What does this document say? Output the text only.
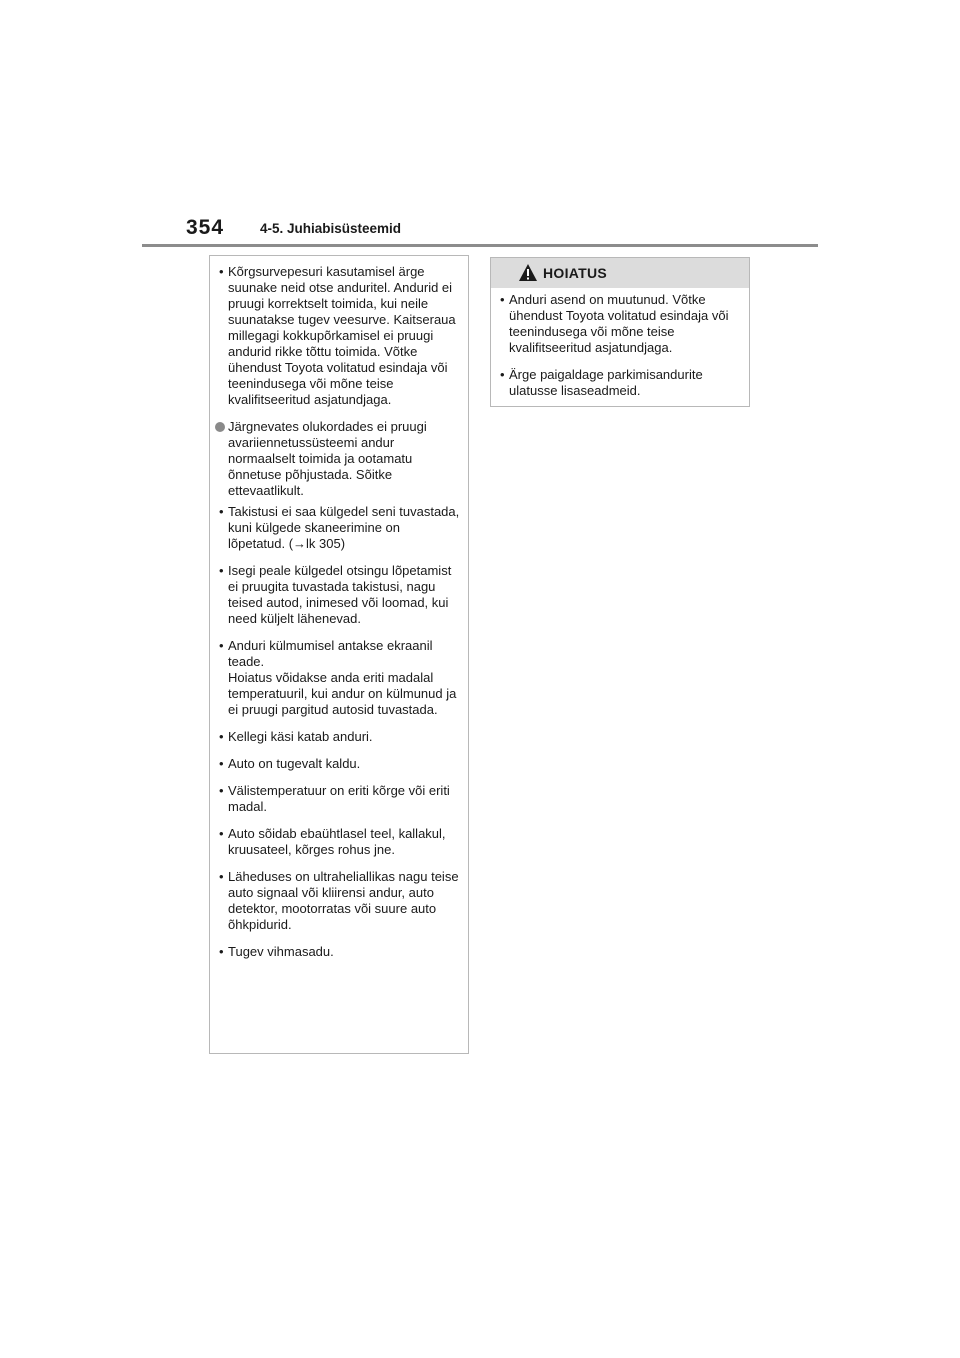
354	4-5. Juhiabisüsteemid
• Kõrgsurvepesuri kasutamisel ärge suunake neid otse anduritel. Andurid ei pruugi korrektselt toimida, kui neile suunatakse tugev veesurve. Kaitseraua millegagi kokkupõrkamisel ei pruugi andurid rikke tõttu toimida. Võtke ühendust Toyota volitatud esindaja või teenindusega või mõne teise kvalifitseeritud asjatundjaga.
Järgnevates olukordades ei pruugi avariiennetussüsteemi andur normaalselt toimida ja ootamatu õnnetuse põhjustada. Sõitke ettevaatlikult.
• Takistusi ei saa külgedel seni tuvastada, kuni külgede skaneerimine on lõpetatud. (→lk 305)
• Isegi peale külgedel otsingu lõpetamist ei pruugita tuvastada takistusi, nagu teised autod, inimesed või loomad, kui need küljelt lähenevad.
• Anduri külmumisel antakse ekraanil teade.
Hoiatus võidakse anda eriti madalal temperatuuril, kui andur on külmunud ja ei pruugi pargitud autosid tuvastada.
• Kellegi käsi katab anduri.
• Auto on tugevalt kaldu.
• Välistemperatuur on eriti kõrge või eriti madal.
• Auto sõidab ebaühtlasel teel, kallakul, kruusateel, kõrges rohus jne.
• Läheduses on ultraheliallikas nagu teise auto signaal või kliirensi andur, auto detektor, mootorratas või suure auto õhkpidurid.
• Tugev vihmasadu.
HOIATUS
• Anduri asend on muutunud. Võtke ühendust Toyota volitatud esindaja või teenindusega või mõne teise kvalifitseeritud asjatundjaga.
• Ärge paigaldage parkimisandurite ulatusse lisaseadmeid.
